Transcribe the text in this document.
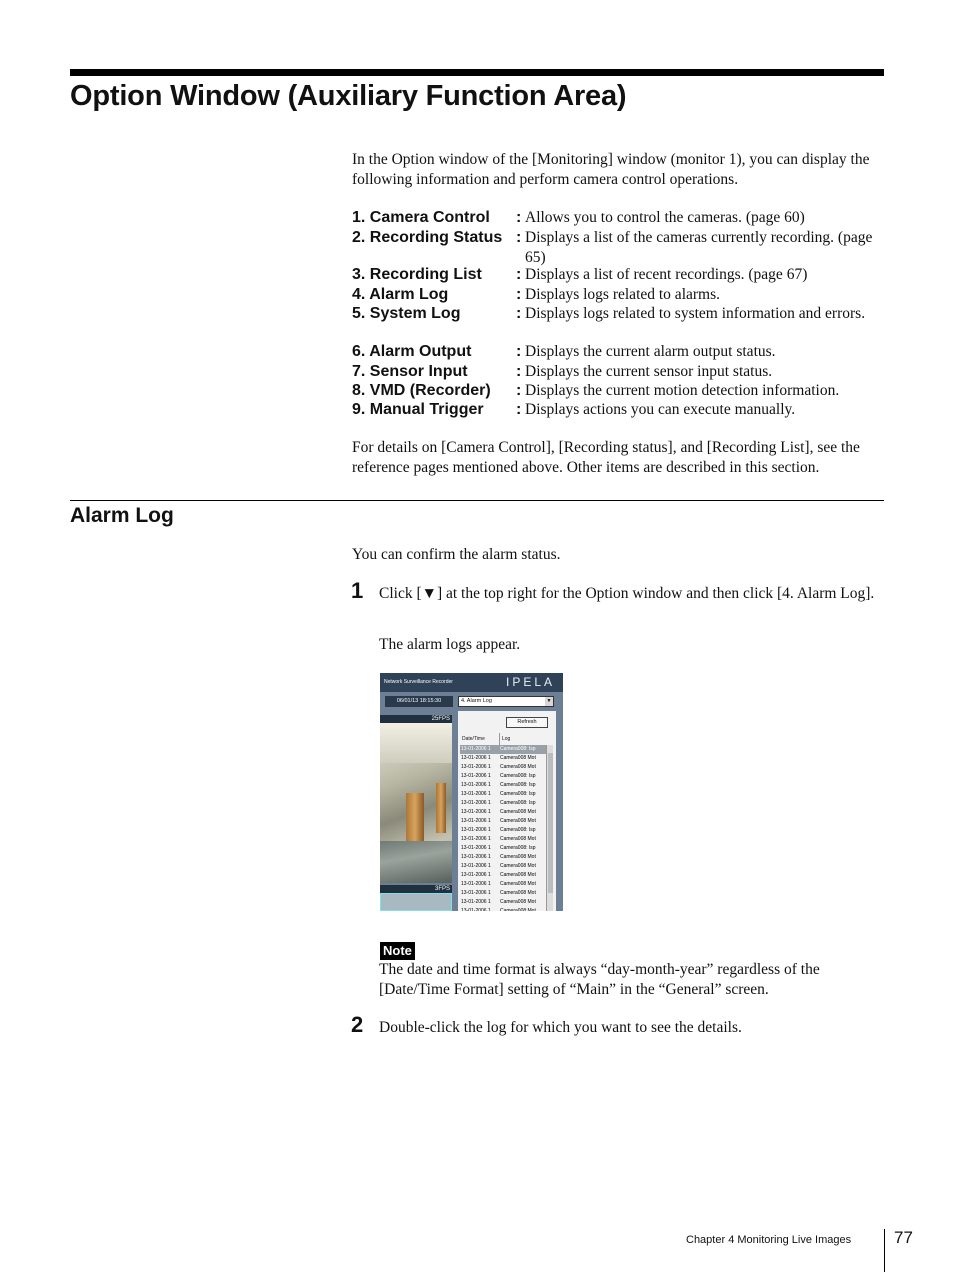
Option Window (Auxiliary Function Area)
In the Option window of the [Monitoring] window (monitor 1), you can display the following information and perform camera control operations.
1. Camera Control : Allows you to control the cameras. (page 60)
2. Recording Status : Displays a list of the cameras currently recording. (page 65)
3. Recording List : Displays a list of recent recordings. (page 67)
4. Alarm Log	: Displays logs related to alarms.
5. System Log	: Displays logs related to system information and errors.
6. Alarm Output	: Displays the current alarm output status.
7. Sensor Input	: Displays the current sensor input status.
8. VMD (Recorder) : Displays the current motion detection information.
9. Manual Trigger : Displays actions you can execute manually.
For details on [Camera Control], [Recording status], and [Recording List], see the reference pages mentioned above. Other items are described in this section.
Alarm Log
You can confirm the alarm status.
1 Click [▼] at the top right for the Option window and then click [4. Alarm Log].
The alarm logs appear.
Network Surveillance Recorder	IPELA
06/01/13 18:15:30
25FPS
3FPS
4. Alarm Log	▼
Refresh
Date/Time	Log
13-01-2006 1 Camera008: Isp
13-01-2006 1 Camera008 Mot
13-01-2006 1 Camera008 Mot
13-01-2006 1 Camera008: Isp
13-01-2006 1 Camera008: Isp
13-01-2006 1 Camera008: Isp
13-01-2006 1 Camera008: Isp
13-01-2006 1 Camera008 Mot
13-01-2006 1 Camera008 Mot
13-01-2006 1 Camera008: Isp
13-01-2006 1 Camera008 Mot
13-01-2006 1 Camera008: Isp
13-01-2006 1 Camera008 Mot
13-01-2006 1 Camera008 Mot
13-01-2006 1 Camera008 Mot
13-01-2006 1 Camera008 Mot
13-01-2006 1 Camera008 Mot
13-01-2006 1 Camera008 Mot
13-01-2006 1 Camera008 Mot
Note
The date and time format is always “day-month-year” regardless of the [Date/Time Format] setting of “Main” in the “General” screen.
2 Double-click the log for which you want to see the details.
Chapter 4 Monitoring Live Images	77
